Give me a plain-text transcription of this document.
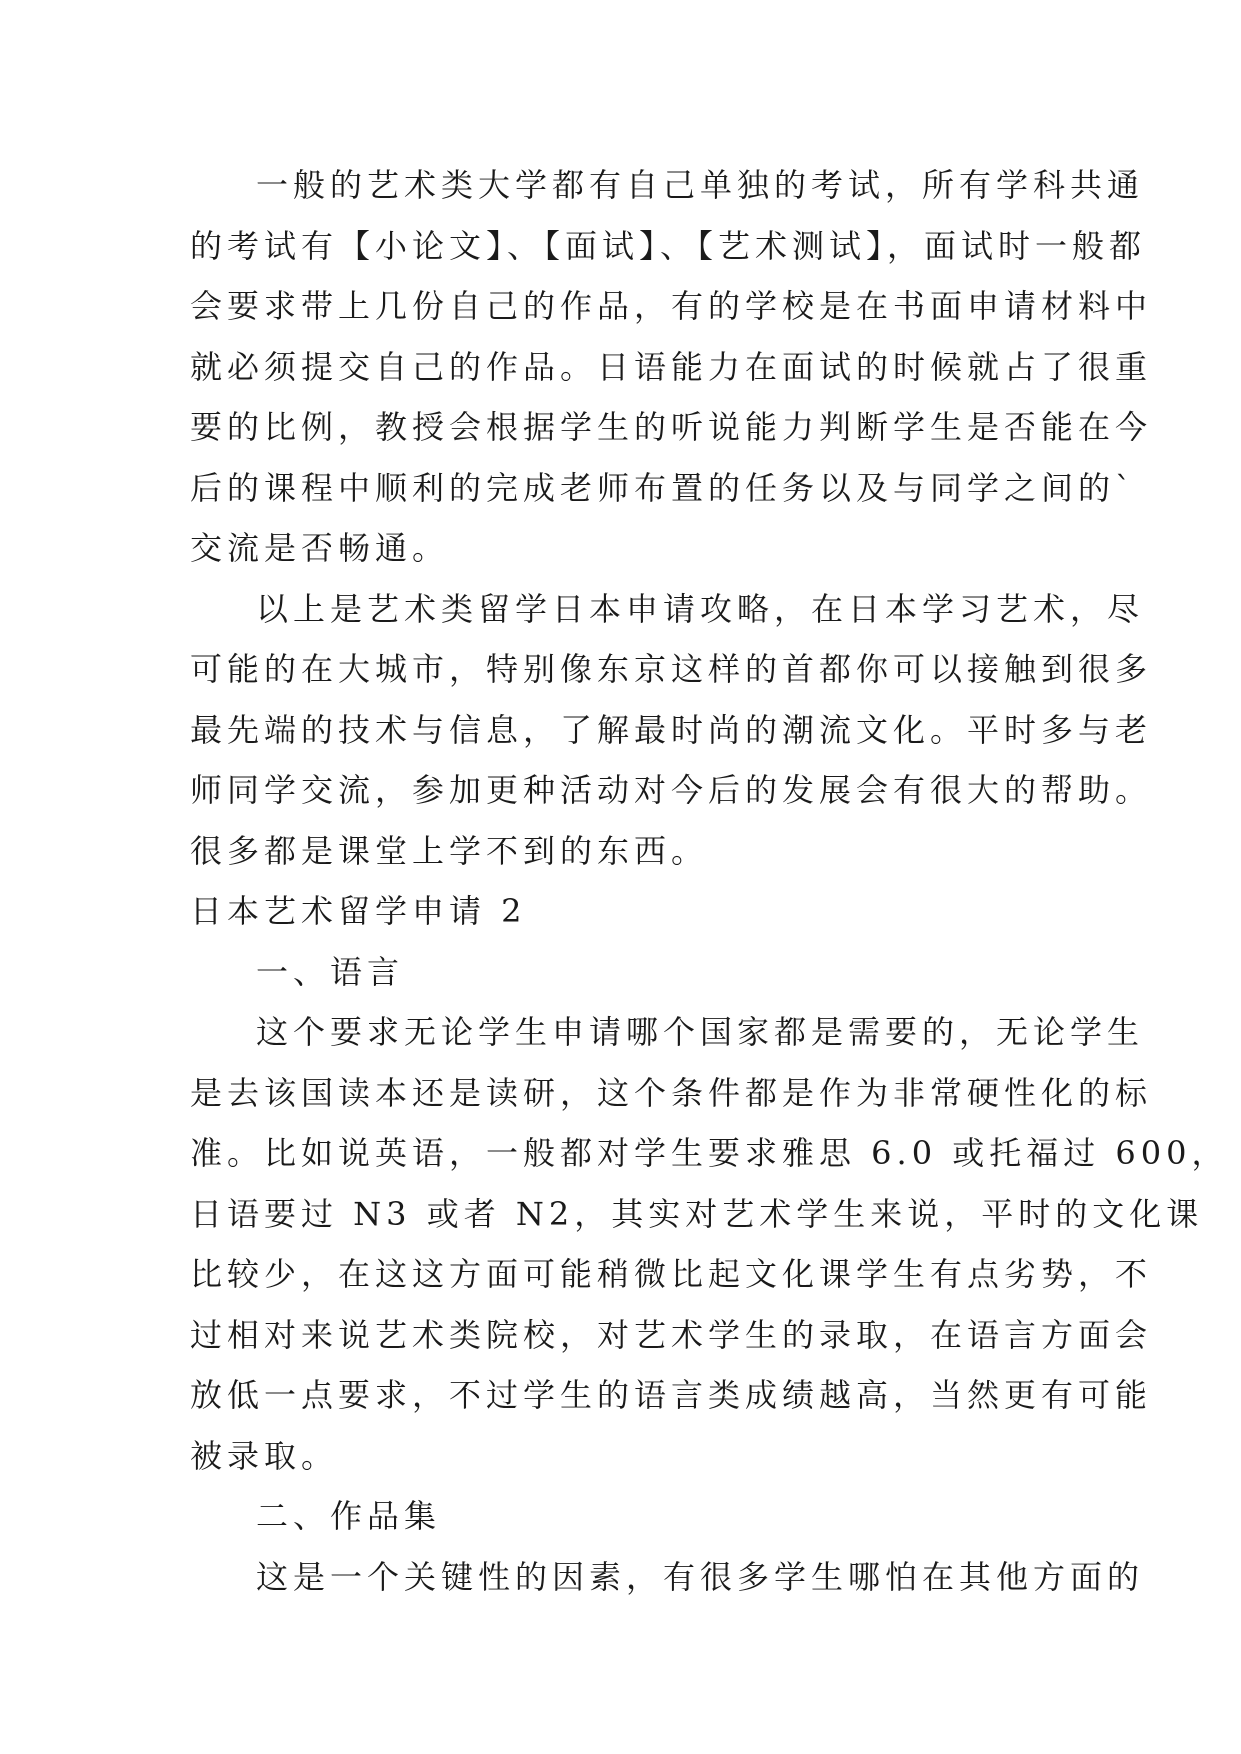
一般的艺术类大学都有自己单独的考试，所有学科共通
的考试有【小论文】、【面试】、【艺术测试】，面试时一般都
会要求带上几份自己的作品，有的学校是在书面申请材料中
就必须提交自己的作品。日语能力在面试的时候就占了很重
要的比例，教授会根据学生的听说能力判断学生是否能在今
后的课程中顺利的完成老师布置的任务以及与同学之间的`
交流是否畅通。
以上是艺术类留学日本申请攻略，在日本学习艺术，尽
可能的在大城市，特别像东京这样的首都你可以接触到很多
最先端的技术与信息，了解最时尚的潮流文化。平时多与老
师同学交流，参加更种活动对今后的发展会有很大的帮助。
很多都是课堂上学不到的东西。
日本艺术留学申请 2
一、语言
这个要求无论学生申请哪个国家都是需要的，无论学生
是去该国读本还是读研，这个条件都是作为非常硬性化的标
准。比如说英语，一般都对学生要求雅思 6.0 或托福过 600，
日语要过 N3 或者 N2，其实对艺术学生来说，平时的文化课
比较少，在这这方面可能稍微比起文化课学生有点劣势，不
过相对来说艺术类院校，对艺术学生的录取，在语言方面会
放低一点要求，不过学生的语言类成绩越高，当然更有可能
被录取。
二、作品集
这是一个关键性的因素，有很多学生哪怕在其他方面的
